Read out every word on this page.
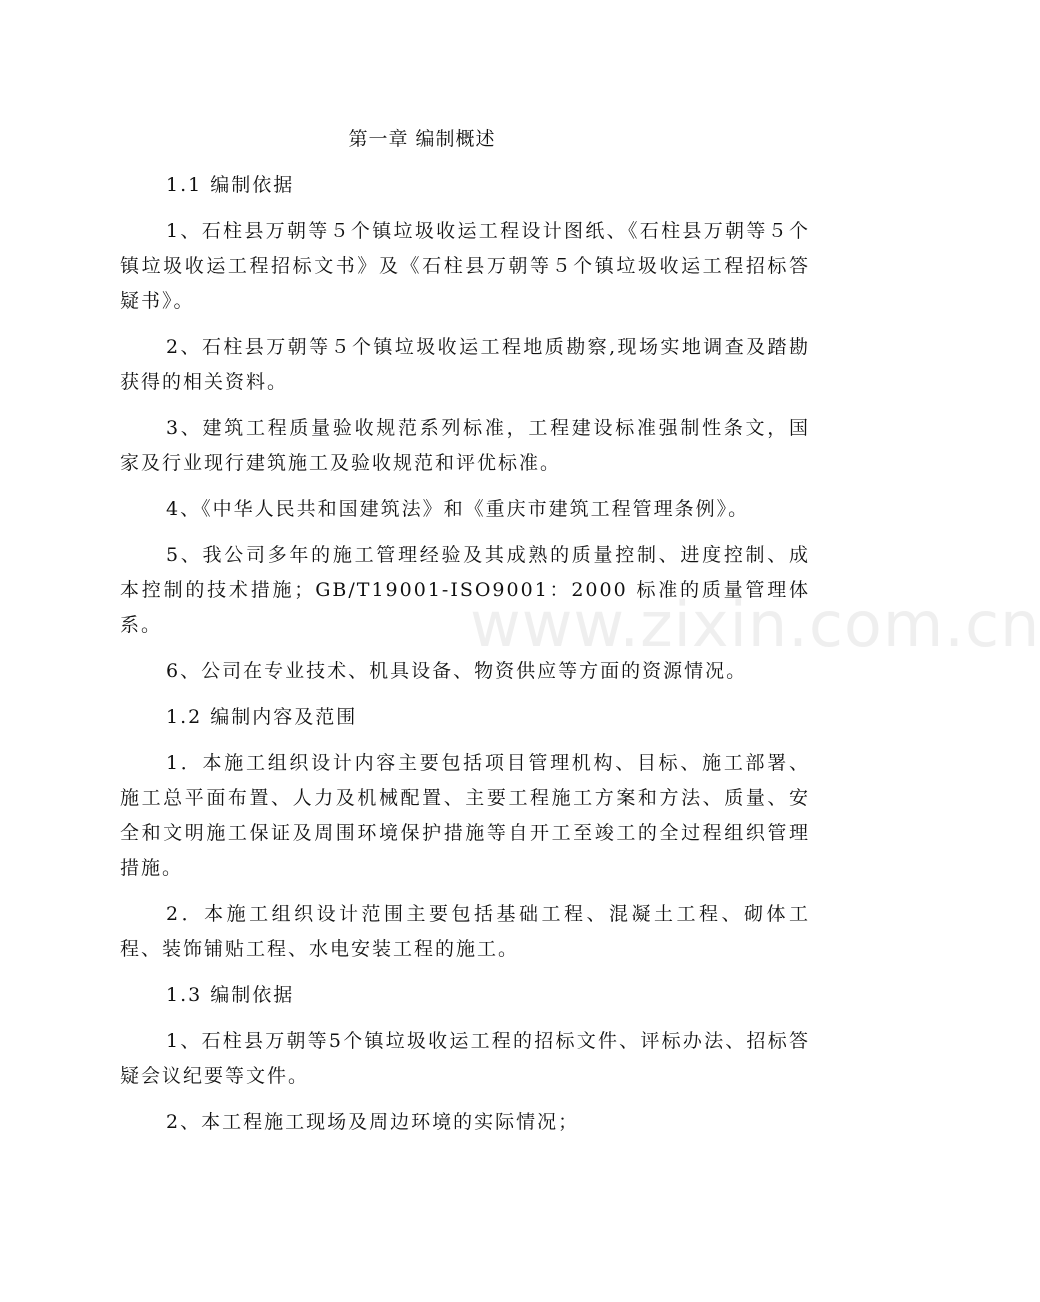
第一章 编制概述
1.1 编制依据

1、石柱县万朝等５个镇垃圾收运工程设计图纸、《石柱县万朝等５个镇垃圾收运工程招标文书》及《石柱县万朝等５个镇垃圾收运工程招标答疑书》。

2、石柱县万朝等５个镇垃圾收运工程地质勘察,现场实地调查及踏勘获得的相关资料。

3、建筑工程质量验收规范系列标准，工程建设标准强制性条文，国家及行业现行建筑施工及验收规范和评优标准。

4、《中华人民共和国建筑法》和《重庆市建筑工程管理条例》。

5、我公司多年的施工管理经验及其成熟的质量控制、进度控制、成本控制的技术措施；GB/T19001-ISO9001：2000 标准的质量管理体系。

6、公司在专业技术、机具设备、物资供应等方面的资源情况。

1.2 编制内容及范围

1．本施工组织设计内容主要包括项目管理机构、目标、施工部署、施工总平面布置、人力及机械配置、主要工程施工方案和方法、质量、安全和文明施工保证及周围环境保护措施等自开工至竣工的全过程组织管理措施。

2．本施工组织设计范围主要包括基础工程、混凝土工程、砌体工程、装饰铺贴工程、水电安装工程的施工。

1.3 编制依据

1、石柱县万朝等5个镇垃圾收运工程的招标文件、评标办法、招标答疑会议纪要等文件。

2、本工程施工现场及周边环境的实际情况；

www.zixin.com.cn
